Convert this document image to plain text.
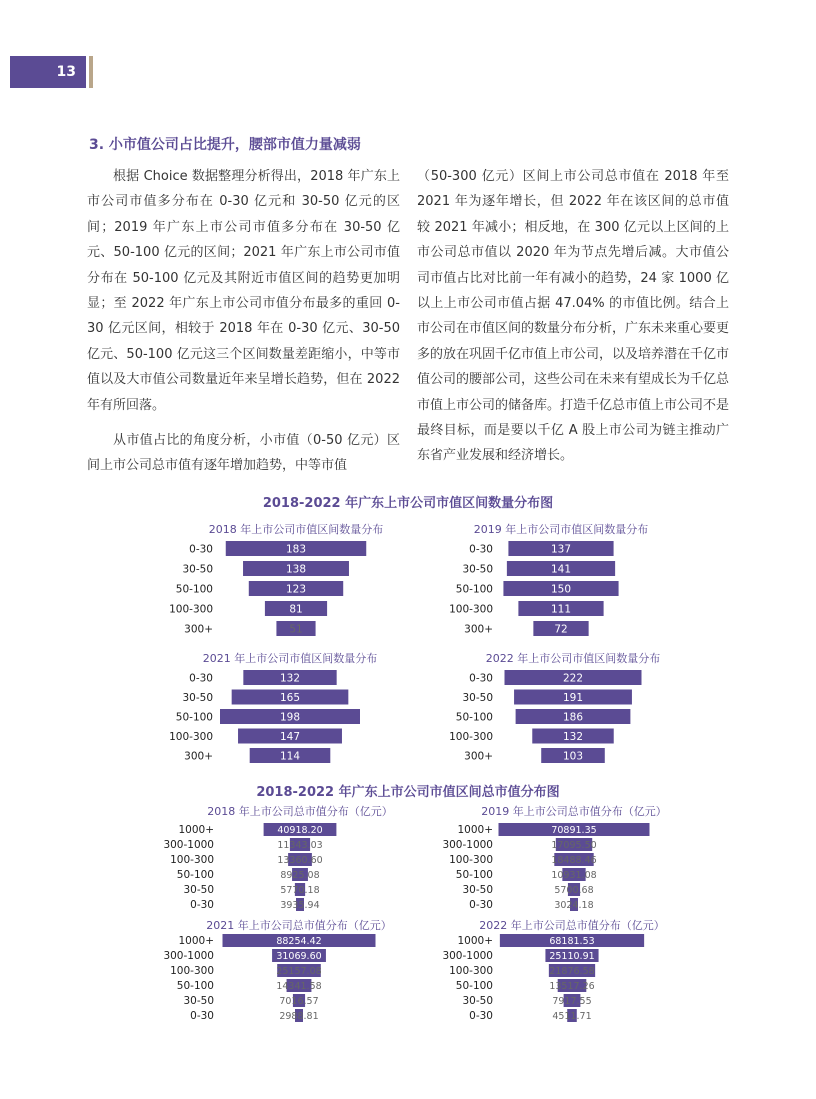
13
3. 小市值公司占比提升，腰部市值力量减弱

根据 Choice 数据整理分析得出，2018 年广东上市公司市值多分布在 0-30 亿元和 30-50 亿元的区间；2019 年广东上市公司市值多分布在 30-50 亿元、50-100 亿元的区间；2021 年广东上市公司市值分布在 50-100 亿元及其附近市值区间的趋势更加明显；至 2022 年广东上市公司市值分布最多的重回 0-30 亿元区间，相较于 2018 年在 0-30 亿元、30-50 亿元、50-100 亿元这三个区间数量差距缩小，中等市值以及大市值公司数量近年来呈增长趋势，但在 2022 年有所回落。

从市值占比的角度分析，小市值（0-50 亿元）区间上市公司总市值有逐年增加趋势，中等市值

（50-300 亿元）区间上市公司总市值在 2018 年至 2021 年为逐年增长，但 2022 年在该区间的总市值较 2021 年减小；相反地，在 300 亿元以上区间的上市公司总市值以 2020 年为节点先增后减。大市值公司市值占比对比前一年有减小的趋势，24 家 1000 亿以上上市公司市值占据 47.04% 的市值比例。结合上市公司在市值区间的数量分布分析，广东未来重心要更多的放在巩固千亿市值上市公司，以及培养潜在千亿市值公司的腰部公司，这些公司在未来有望成长为千亿总市值上市公司的储备库。打造千亿总市值上市公司不是最终目标，而是要以千亿 A 股上市公司为链主推动广东省产业发展和经济增长。

2018-2022 年广东上市公司市值区间数量分布图
2018-2022 年广东上市公司市值区间总市值分布图
2018 年上市公司市值区间数量分布
0-30	183
30-50	138
50-100	123
100-300	81
300+	51
2019 年上市公司市值区间数量分布
0-30	137
30-50	141
50-100	150
100-300	111
300+	72
2021 年上市公司市值区间数量分布
0-30	132
30-50	165
50-100	198
100-300	147
300+	114
2022 年上市公司市值区间数量分布
0-30	222
30-50	191
50-100	186
100-300	132
300+	103
2018 年上市公司总市值分布（亿元）
1000+	40918.20
300-1000	11343.03
100-300	13360.60
50-100	8925.08
30-50	5770.18
0-30	3935.94
2019 年上市公司总市值分布（亿元）
1000+	70891.35
300-1000	17095.50
100-300	18488.46
50-100	10931.08
30-50	5700.68
0-30	3024.18
2021 年上市公司总市值分布（亿元）
1000+	88254.42
300-1000	31069.60
100-300	25157.08
50-100	14341.58
30-50	7016.57
0-30	2988.81
2022 年上市公司总市值分布（亿元）
1000+	68181.53
300-1000	25110.91
100-300	21876.58
50-100	13517.26
30-50	7917.55
0-30	4511.71
